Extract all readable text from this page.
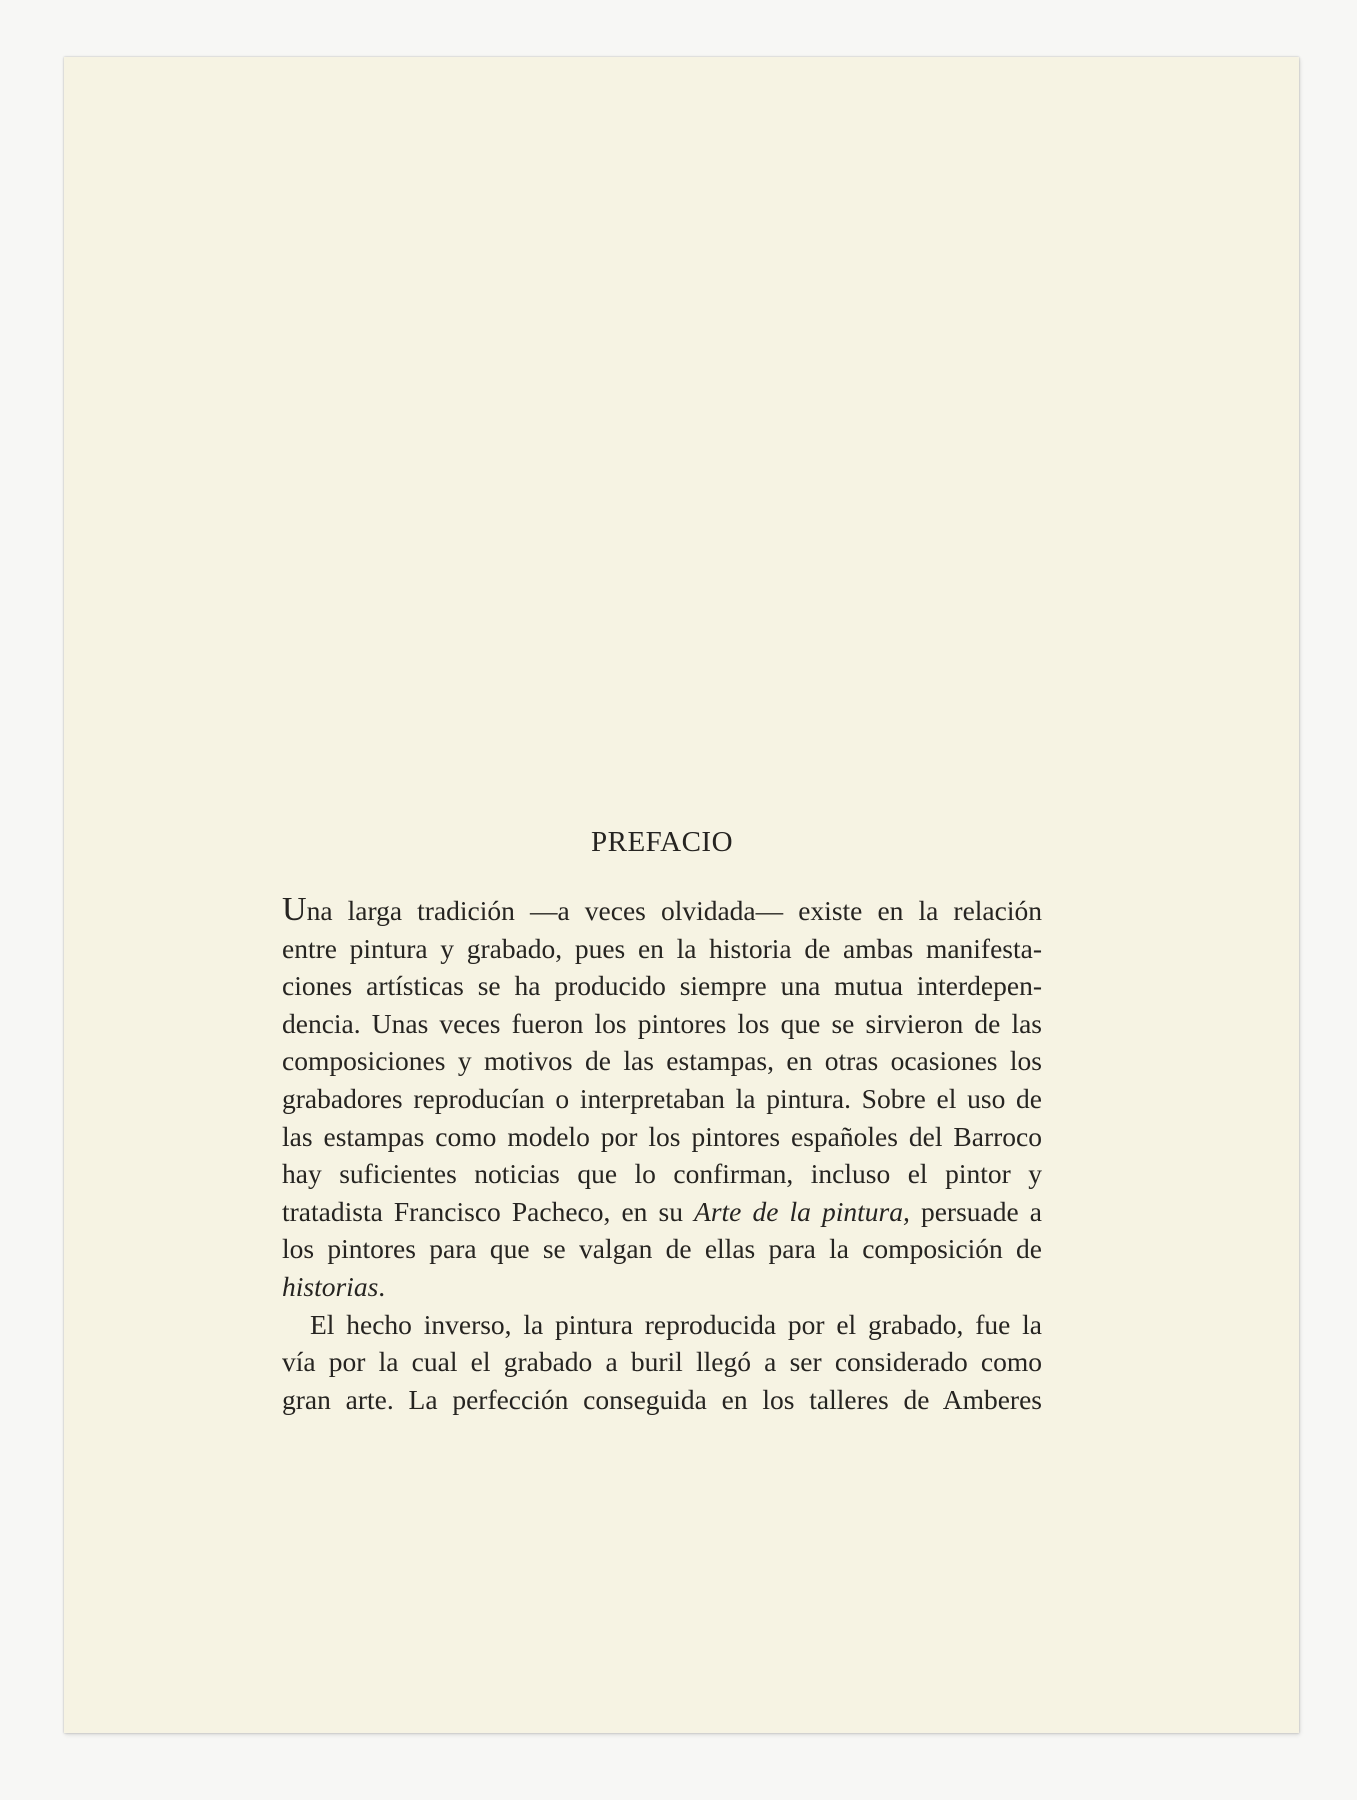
PREFACIO

Una larga tradición —a veces olvidada— existe en la relación
entre pintura y grabado, pues en la historia de ambas manifesta-
ciones artísticas se ha producido siempre una mutua interdepen-
dencia. Unas veces fueron los pintores los que se sirvieron de las
composiciones y motivos de las estampas, en otras ocasiones los
grabadores reproducían o interpretaban la pintura. Sobre el uso de
las estampas como modelo por los pintores españoles del Barroco
hay suficientes noticias que lo confirman, incluso el pintor y
tratadista Francisco Pacheco, en su Arte de la pintura, persuade a
los pintores para que se valgan de ellas para la composición de
historias.

El hecho inverso, la pintura reproducida por el grabado, fue la
vía por la cual el grabado a buril llegó a ser considerado como
gran arte. La perfección conseguida en los talleres de Amberes
